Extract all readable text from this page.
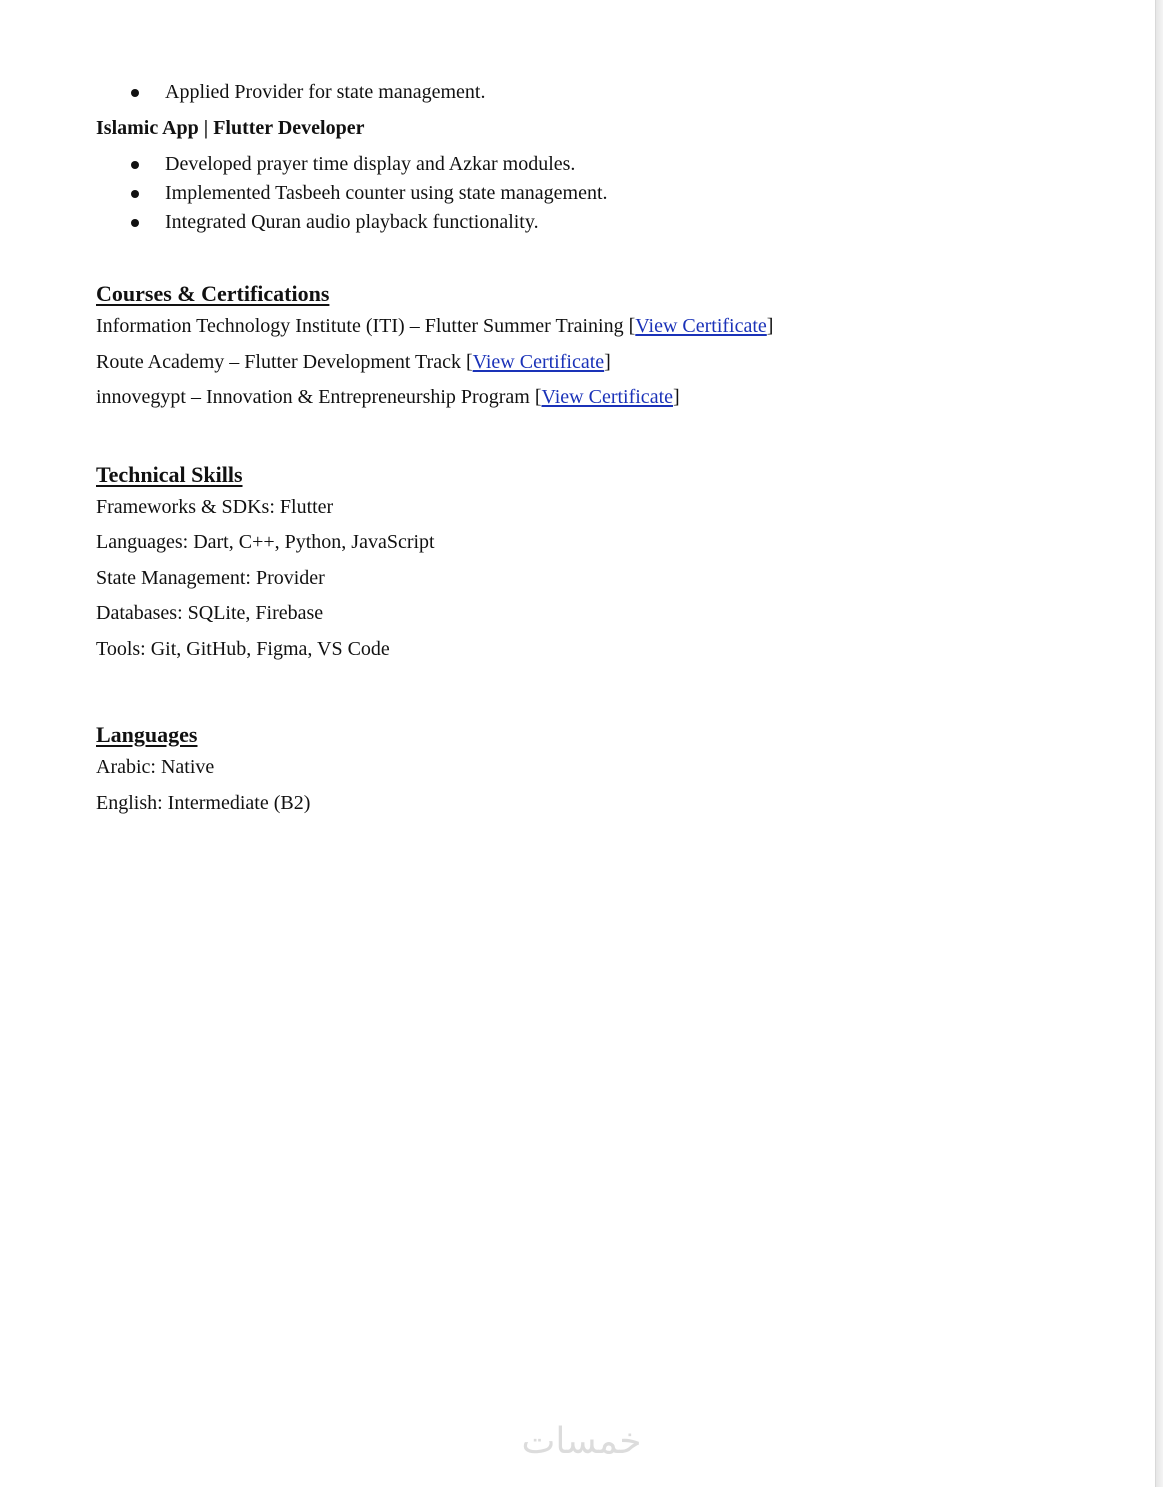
Applied Provider for state management.
Islamic App | Flutter Developer
Developed prayer time display and Azkar modules.
Implemented Tasbeeh counter using state management.
Integrated Quran audio playback functionality.
Courses & Certifications
Information Technology Institute (ITI) – Flutter Summer Training [View Certificate]
Route Academy – Flutter Development Track [View Certificate]
innovegypt – Innovation & Entrepreneurship Program [View Certificate]
Technical Skills
Frameworks & SDKs: Flutter
Languages: Dart, C++, Python, JavaScript
State Management: Provider
Databases: SQLite, Firebase
Tools: Git, GitHub, Figma, VS Code
Languages
Arabic: Native
English: Intermediate (B2)
خمسات
